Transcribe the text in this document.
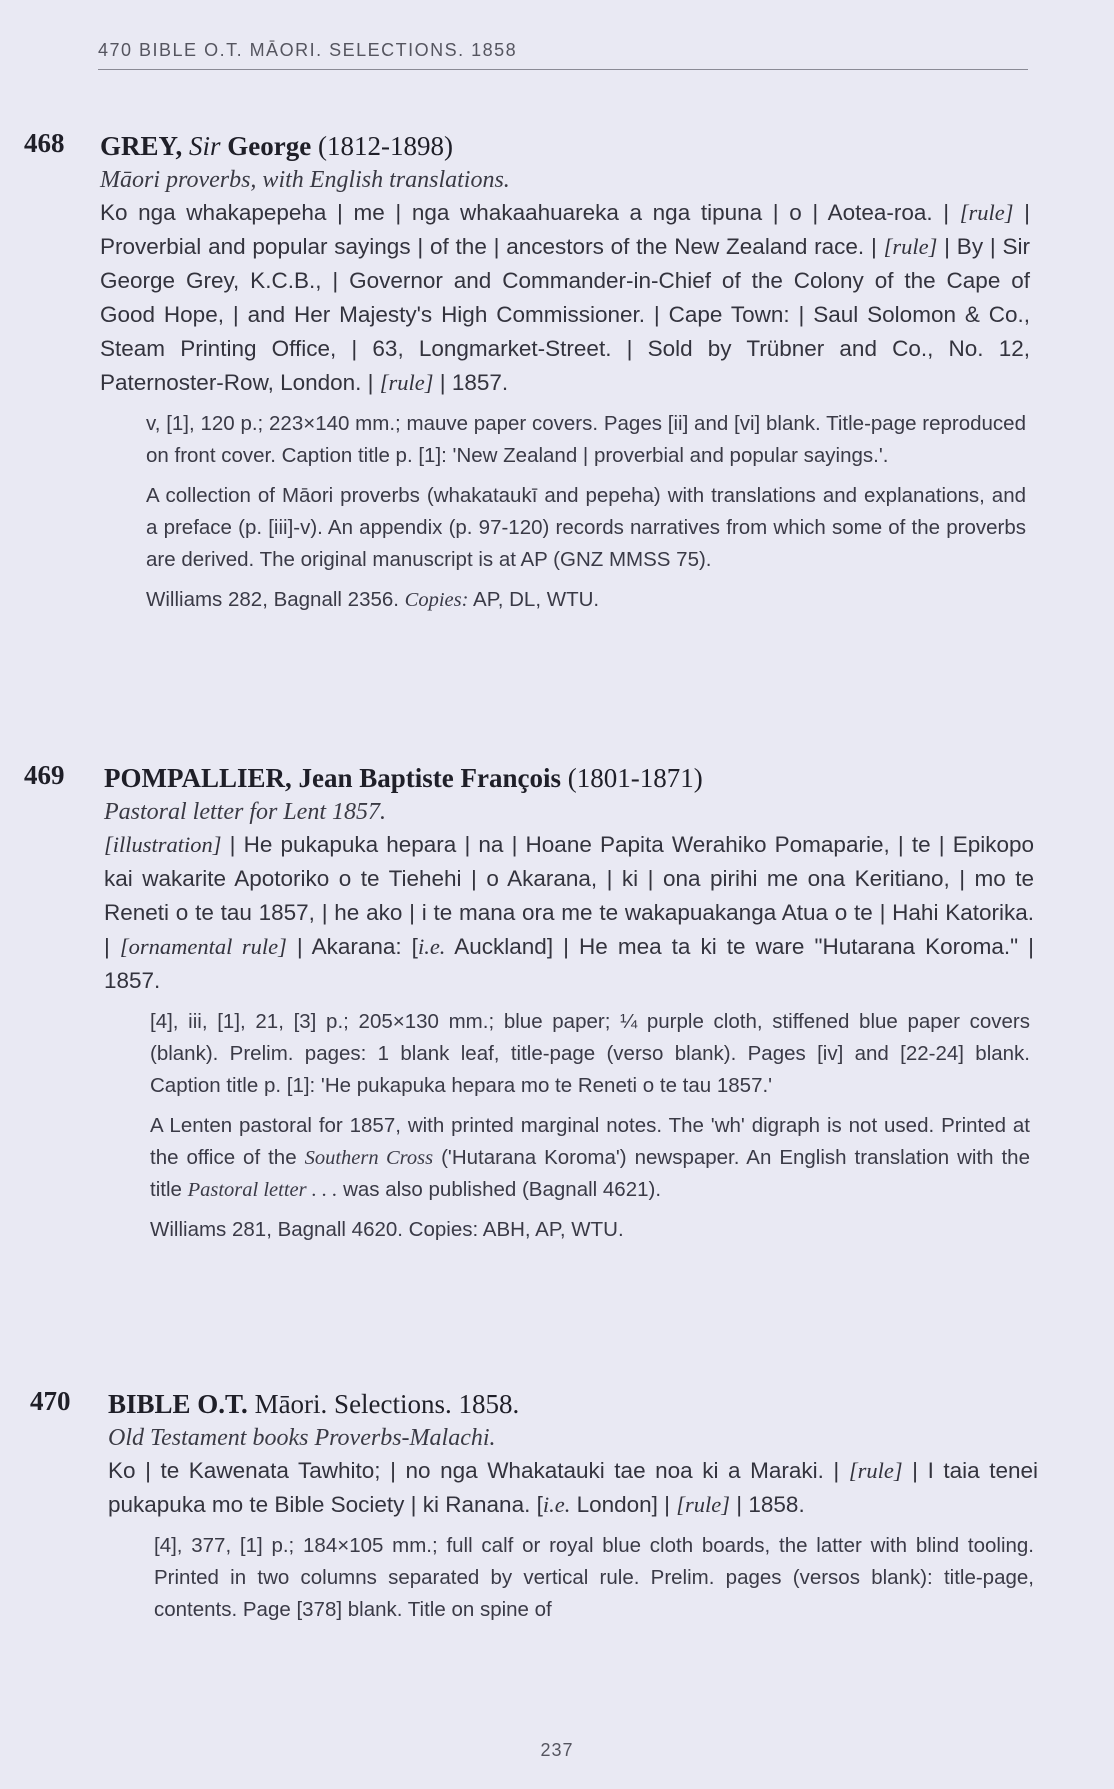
470 BIBLE O.T. MĀORI. SELECTIONS. 1858
468 GREY, Sir George (1812-1898)
Māori proverbs, with English translations.
Ko nga whakapepeha | me | nga whakaahuareka a nga tipuna | o | Aotea-roa. | [rule] | Proverbial and popular sayings | of the | ancestors of the New Zealand race. | [rule] | By | Sir George Grey, K.C.B., | Governor and Commander-in-Chief of the Colony of the Cape of Good Hope, | and Her Majesty's High Commissioner. | Cape Town: | Saul Solomon & Co., Steam Printing Office, | 63, Longmarket-Street. | Sold by Trübner and Co., No. 12, Paternoster-Row, London. | [rule] | 1857.

v, [1], 120 p.; 223×140 mm.; mauve paper covers. Pages [ii] and [vi] blank. Title-page reproduced on front cover. Caption title p. [1]: 'New Zealand | proverbial and popular sayings.'.

A collection of Māori proverbs (whakataukī and pepeha) with translations and explanations, and a preface (p. [iii]-v). An appendix (p. 97-120) records narratives from which some of the proverbs are derived. The original manuscript is at AP (GNZ MMSS 75).

Williams 282, Bagnall 2356. Copies: AP, DL, WTU.

469 POMPALLIER, Jean Baptiste François (1801-1871)
Pastoral letter for Lent 1857.
[illustration] | He pukapuka hepara | na | Hoane Papita Werahiko Pomaparie, | te | Epikopo kai wakarite Apotoriko o te Tiehehi | o Akarana, | ki | ona pirihi me ona Keritiano, | mo te Reneti o te tau 1857, | he ako | i te mana ora me te wakapuakanga Atua o te | Hahi Katorika. | [ornamental rule] | Akarana: [i.e. Auckland] | He mea ta ki te ware "Hutarana Koroma." | 1857.

[4], iii, [1], 21, [3] p.; 205×130 mm.; blue paper; ¼ purple cloth, stiffened blue paper covers (blank). Prelim. pages: 1 blank leaf, title-page (verso blank). Pages [iv] and [22-24] blank. Caption title p. [1]: 'He pukapuka hepara mo te Reneti o te tau 1857.'

A Lenten pastoral for 1857, with printed marginal notes. The 'wh' digraph is not used. Printed at the office of the Southern Cross ('Hutarana Koroma') newspaper. An English translation with the title Pastoral letter . . . was also published (Bagnall 4621).

Williams 281, Bagnall 4620. Copies: ABH, AP, WTU.

470 BIBLE O.T. Māori. Selections. 1858.
Old Testament books Proverbs-Malachi.
Ko | te Kawenata Tawhito; | no nga Whakatauki tae noa ki a Maraki. | [rule] | I taia tenei pukapuka mo te Bible Society | ki Ranana. [i.e. London] | [rule] | 1858.

[4], 377, [1] p.; 184×105 mm.; full calf or royal blue cloth boards, the latter with blind tooling. Printed in two columns separated by vertical rule. Prelim. pages (versos blank): title-page, contents. Page [378] blank. Title on spine of

237
